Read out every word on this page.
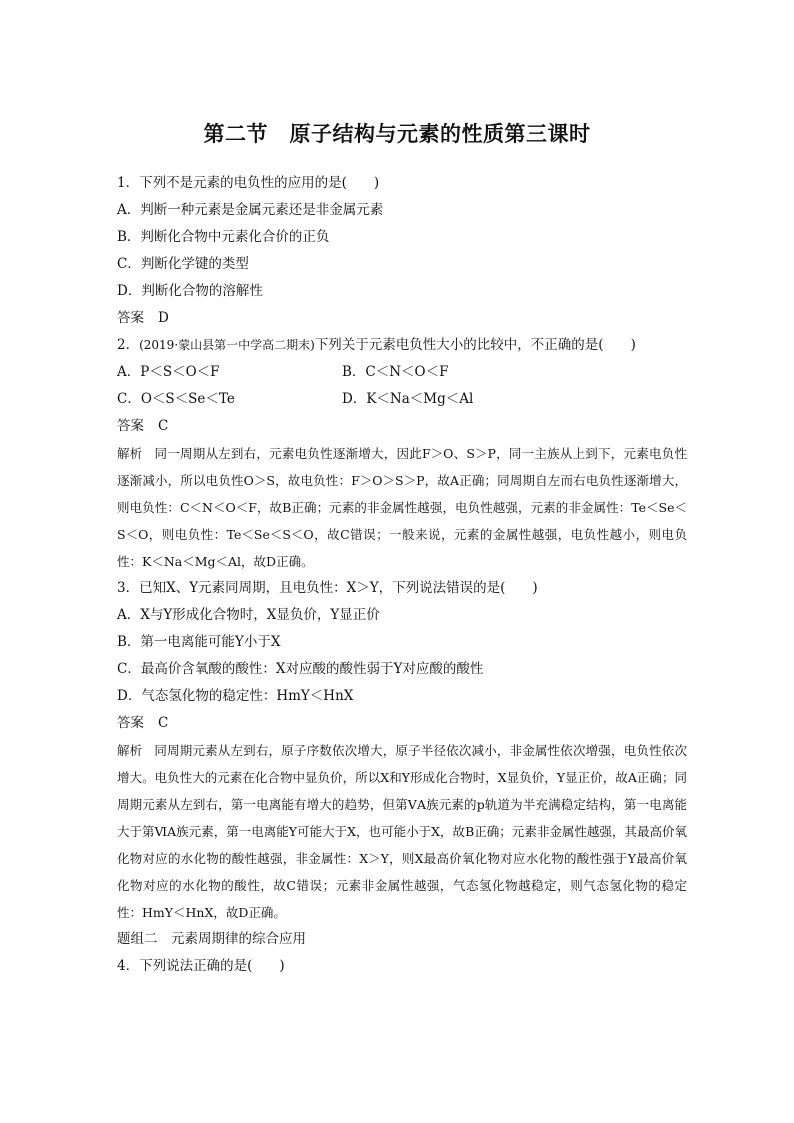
第二节　原子结构与元素的性质第三课时
1．下列不是元素的电负性的应用的是(　　)
A．判断一种元素是金属元素还是非金属元素
B．判断化合物中元素化合价的正负
C．判断化学键的类型
D．判断化合物的溶解性
答案 D
2．(2019·蒙山县第一中学高二期末)下列关于元素电负性大小的比较中，不正确的是(　　)
A．P＜S＜O＜F	B．C＜N＜O＜F
C．O＜S＜Se＜Te	D．K＜Na＜Mg＜Al
答案 C
解析 同一周期从左到右，元素电负性逐渐增大，因此F＞O、S＞P，同一主族从上到下，元素电负性逐渐减小，所以电负性O＞S，故电负性：F＞O＞S＞P，故A正确；同周期自左而右电负性逐渐增大，则电负性：C＜N＜O＜F，故B正确；元素的非金属性越强，电负性越强，元素的非金属性：Te＜Se＜S＜O，则电负性：Te＜Se＜S＜O，故C错误；一般来说，元素的金属性越强，电负性越小，则电负性：K＜Na＜Mg＜Al，故D正确。
3．已知X、Y元素同周期，且电负性：X＞Y，下列说法错误的是(　　)
A．X与Y形成化合物时，X显负价，Y显正价
B．第一电离能可能Y小于X
C．最高价含氧酸的酸性：X对应酸的酸性弱于Y对应酸的酸性
D．气态氢化物的稳定性：HmY＜HnX
答案 C
解析 同周期元素从左到右，原子序数依次增大，原子半径依次减小，非金属性依次增强，电负性依次增大。电负性大的元素在化合物中显负价，所以X和Y形成化合物时，X显负价，Y显正价，故A正确；同周期元素从左到右，第一电离能有增大的趋势，但第ⅤA族元素的p轨道为半充满稳定结构，第一电离能大于第ⅥA族元素，第一电离能Y可能大于X，也可能小于X，故B正确；元素非金属性越强，其最高价氧化物对应的水化物的酸性越强，非金属性：X＞Y，则X最高价氧化物对应水化物的酸性强于Y最高价氧化物对应的水化物的酸性，故C错误；元素非金属性越强，气态氢化物越稳定，则气态氢化物的稳定性：HmY＜HnX，故D正确。
题组二　元素周期律的综合应用
4．下列说法正确的是(　　)
